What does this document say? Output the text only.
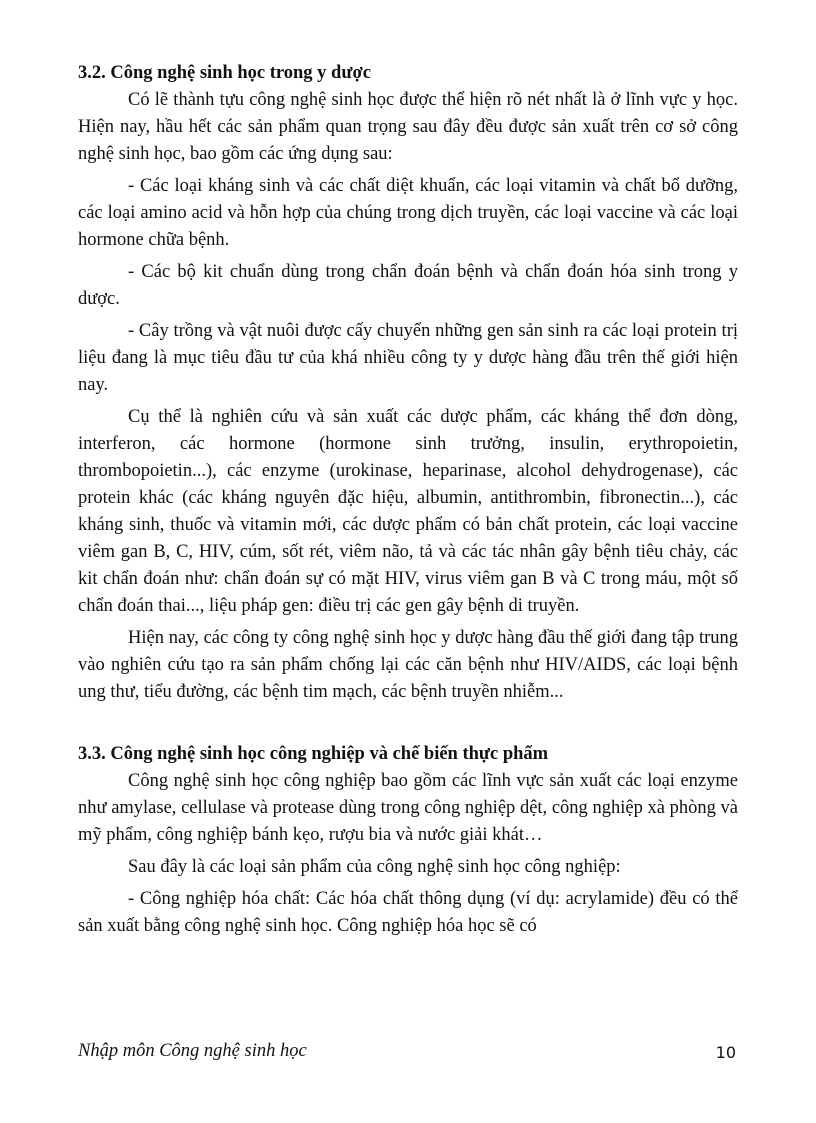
3.2. Công nghệ sinh học trong y dược

Có lẽ thành tựu công nghệ sinh học được thể hiện rõ nét nhất là ở lĩnh vực y học. Hiện nay, hầu hết các sản phẩm quan trọng sau đây đều được sản xuất trên cơ sở công nghệ sinh học, bao gồm các ứng dụng sau:

- Các loại kháng sinh và các chất diệt khuẩn, các loại vitamin và chất bổ dưỡng, các loại amino acid và hỗn hợp của chúng trong dịch truyền, các loại vaccine và các loại hormone chữa bệnh.

- Các bộ kit chuẩn dùng trong chẩn đoán bệnh và chẩn đoán hóa sinh trong y dược.

- Cây trồng và vật nuôi được cấy chuyển những gen sản sinh ra các loại protein trị liệu đang là mục tiêu đầu tư của khá nhiều công ty y dược hàng đầu trên thế giới hiện nay.

Cụ thể là nghiên cứu và sản xuất các dược phẩm, các kháng thể đơn dòng, interferon, các hormone (hormone sinh trưởng, insulin, erythropoietin, thrombopoietin...), các enzyme (urokinase, heparinase, alcohol dehydrogenase), các protein khác (các kháng nguyên đặc hiệu, albumin, antithrombin, fibronectin...), các kháng sinh, thuốc và vitamin mới, các dược phẩm có bản chất protein, các loại vaccine viêm gan B, C, HIV, cúm, sốt rét, viêm não, tả và các tác nhân gây bệnh tiêu chảy, các kit chẩn đoán như: chẩn đoán sự có mặt HIV, virus viêm gan B và C trong máu, một số chẩn đoán thai..., liệu pháp gen: điều trị các gen gây bệnh di truyền.

Hiện nay, các công ty công nghệ sinh học y dược hàng đầu thế giới đang tập trung vào nghiên cứu tạo ra sản phẩm chống lại các căn bệnh như HIV/AIDS, các loại bệnh ung thư, tiểu đường, các bệnh tim mạch, các bệnh truyền nhiễm...

3.3. Công nghệ sinh học công nghiệp và chế biến thực phẩm

Công nghệ sinh học công nghiệp bao gồm các lĩnh vực sản xuất các loại enzyme như amylase, cellulase và protease dùng trong công nghiệp dệt, công nghiệp xà phòng và mỹ phẩm, công nghiệp bánh kẹo, rượu bia và nước giải khát…

Sau đây là các loại sản phẩm của công nghệ sinh học công nghiệp:

- Công nghiệp hóa chất: Các hóa chất thông dụng (ví dụ: acrylamide) đều có thể sản xuất bằng công nghệ sinh học. Công nghiệp hóa học sẽ có

Nhập môn Công nghệ sinh học	10
